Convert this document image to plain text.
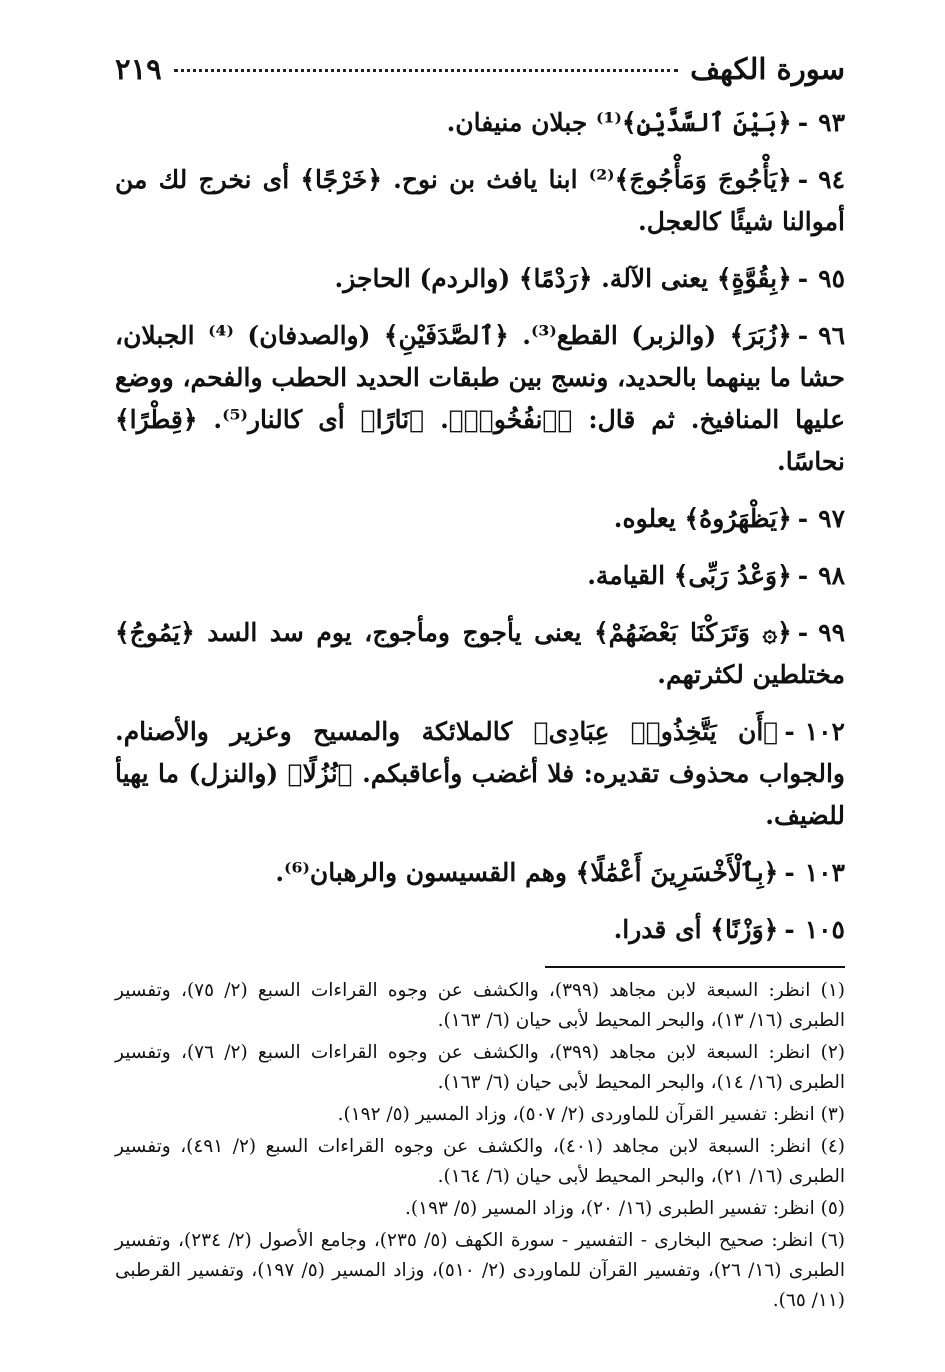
سورة الكهف
٢١٩
٩٣-﴿بَيْنَ ٱلسَّدَّيْنِ﴾⁽¹⁾ جبلان منيفان.
٩٤-﴿يَأْجُوجَ وَمَأْجُوجَ﴾⁽²⁾ ابنا يافث بن نوح. ﴿خَرْجًا﴾ أى نخرج لك من أموالنا شيئًا كالعجل.
٩٥-﴿بِقُوَّةٍ﴾ يعنى الآلة. ﴿رَدْمًا﴾ (والردم) الحاجز.
٩٦-﴿زُبَرَ﴾ (والزبر) القطع⁽³⁾. ﴿ٱلصَّدَفَيْنِ﴾ (والصدفان) ⁽⁴⁾ الجبلان، حشا ما بينهما بالحديد، ونسج بين طبقات الحديد الحطب والفحم، ووضع عليها المنافيخ. ثم قال: ﴿ٱنفُخُوا۟﴾. ﴿نَارًا﴾ أى كالنار⁽⁵⁾. ﴿قِطْرًا﴾ نحاسًا.
٩٧-﴿يَظْهَرُوهُ﴾ يعلوه.
٩٨-﴿وَعْدُ رَبِّى﴾ القيامة.
٩٩-﴿۞ وَتَرَكْنَا بَعْضَهُمْ﴾ يعنى يأجوج ومأجوج، يوم سد السد ﴿يَمُوجُ﴾ مختلطين لكثرتهم.
١٠٢-﴿أَن يَتَّخِذُوا۟ عِبَادِى﴾ كالملائكة والمسيح وعزير والأصنام. والجواب محذوف تقديره: فلا أغضب وأعاقبكم. ﴿نُزُلًا﴾ (والنزل) ما يهيأ للضيف.
١٠٣-﴿بِٱلْأَخْسَرِينَ أَعْمَٰلًا﴾ وهم القسيسون والرهبان⁽⁶⁾.
١٠٥-﴿وَزْنًا﴾ أى قدرا.
(١) انظر: السبعة لابن مجاهد (٣٩٩)، والكشف عن وجوه القراءات السبع (٢/ ٧٥)، وتفسير الطبرى (١٦/ ١٣)، والبحر المحيط لأبى حيان (٦/ ١٦٣).
(٢) انظر: السبعة لابن مجاهد (٣٩٩)، والكشف عن وجوه القراءات السبع (٢/ ٧٦)، وتفسير الطبرى (١٦/ ١٤)، والبحر المحيط لأبى حيان (٦/ ١٦٣).
(٣) انظر: تفسير القرآن للماوردى (٢/ ٥٠٧)، وزاد المسير (٥/ ١٩٢).
(٤) انظر: السبعة لابن مجاهد (٤٠١)، والكشف عن وجوه القراءات السبع (٢/ ٤٩١)، وتفسير الطبرى (١٦/ ٢١)، والبحر المحيط لأبى حيان (٦/ ١٦٤).
(٥) انظر: تفسير الطبرى (١٦/ ٢٠)، وزاد المسير (٥/ ١٩٣).
(٦) انظر: صحيح البخارى - التفسير - سورة الكهف (٥/ ٢٣٥)، وجامع الأصول (٢/ ٢٣٤)، وتفسير الطبرى (١٦/ ٢٦)، وتفسير القرآن للماوردى (٢/ ٥١٠)، وزاد المسير (٥/ ١٩٧)، وتفسير القرطبى (١١/ ٦٥).
